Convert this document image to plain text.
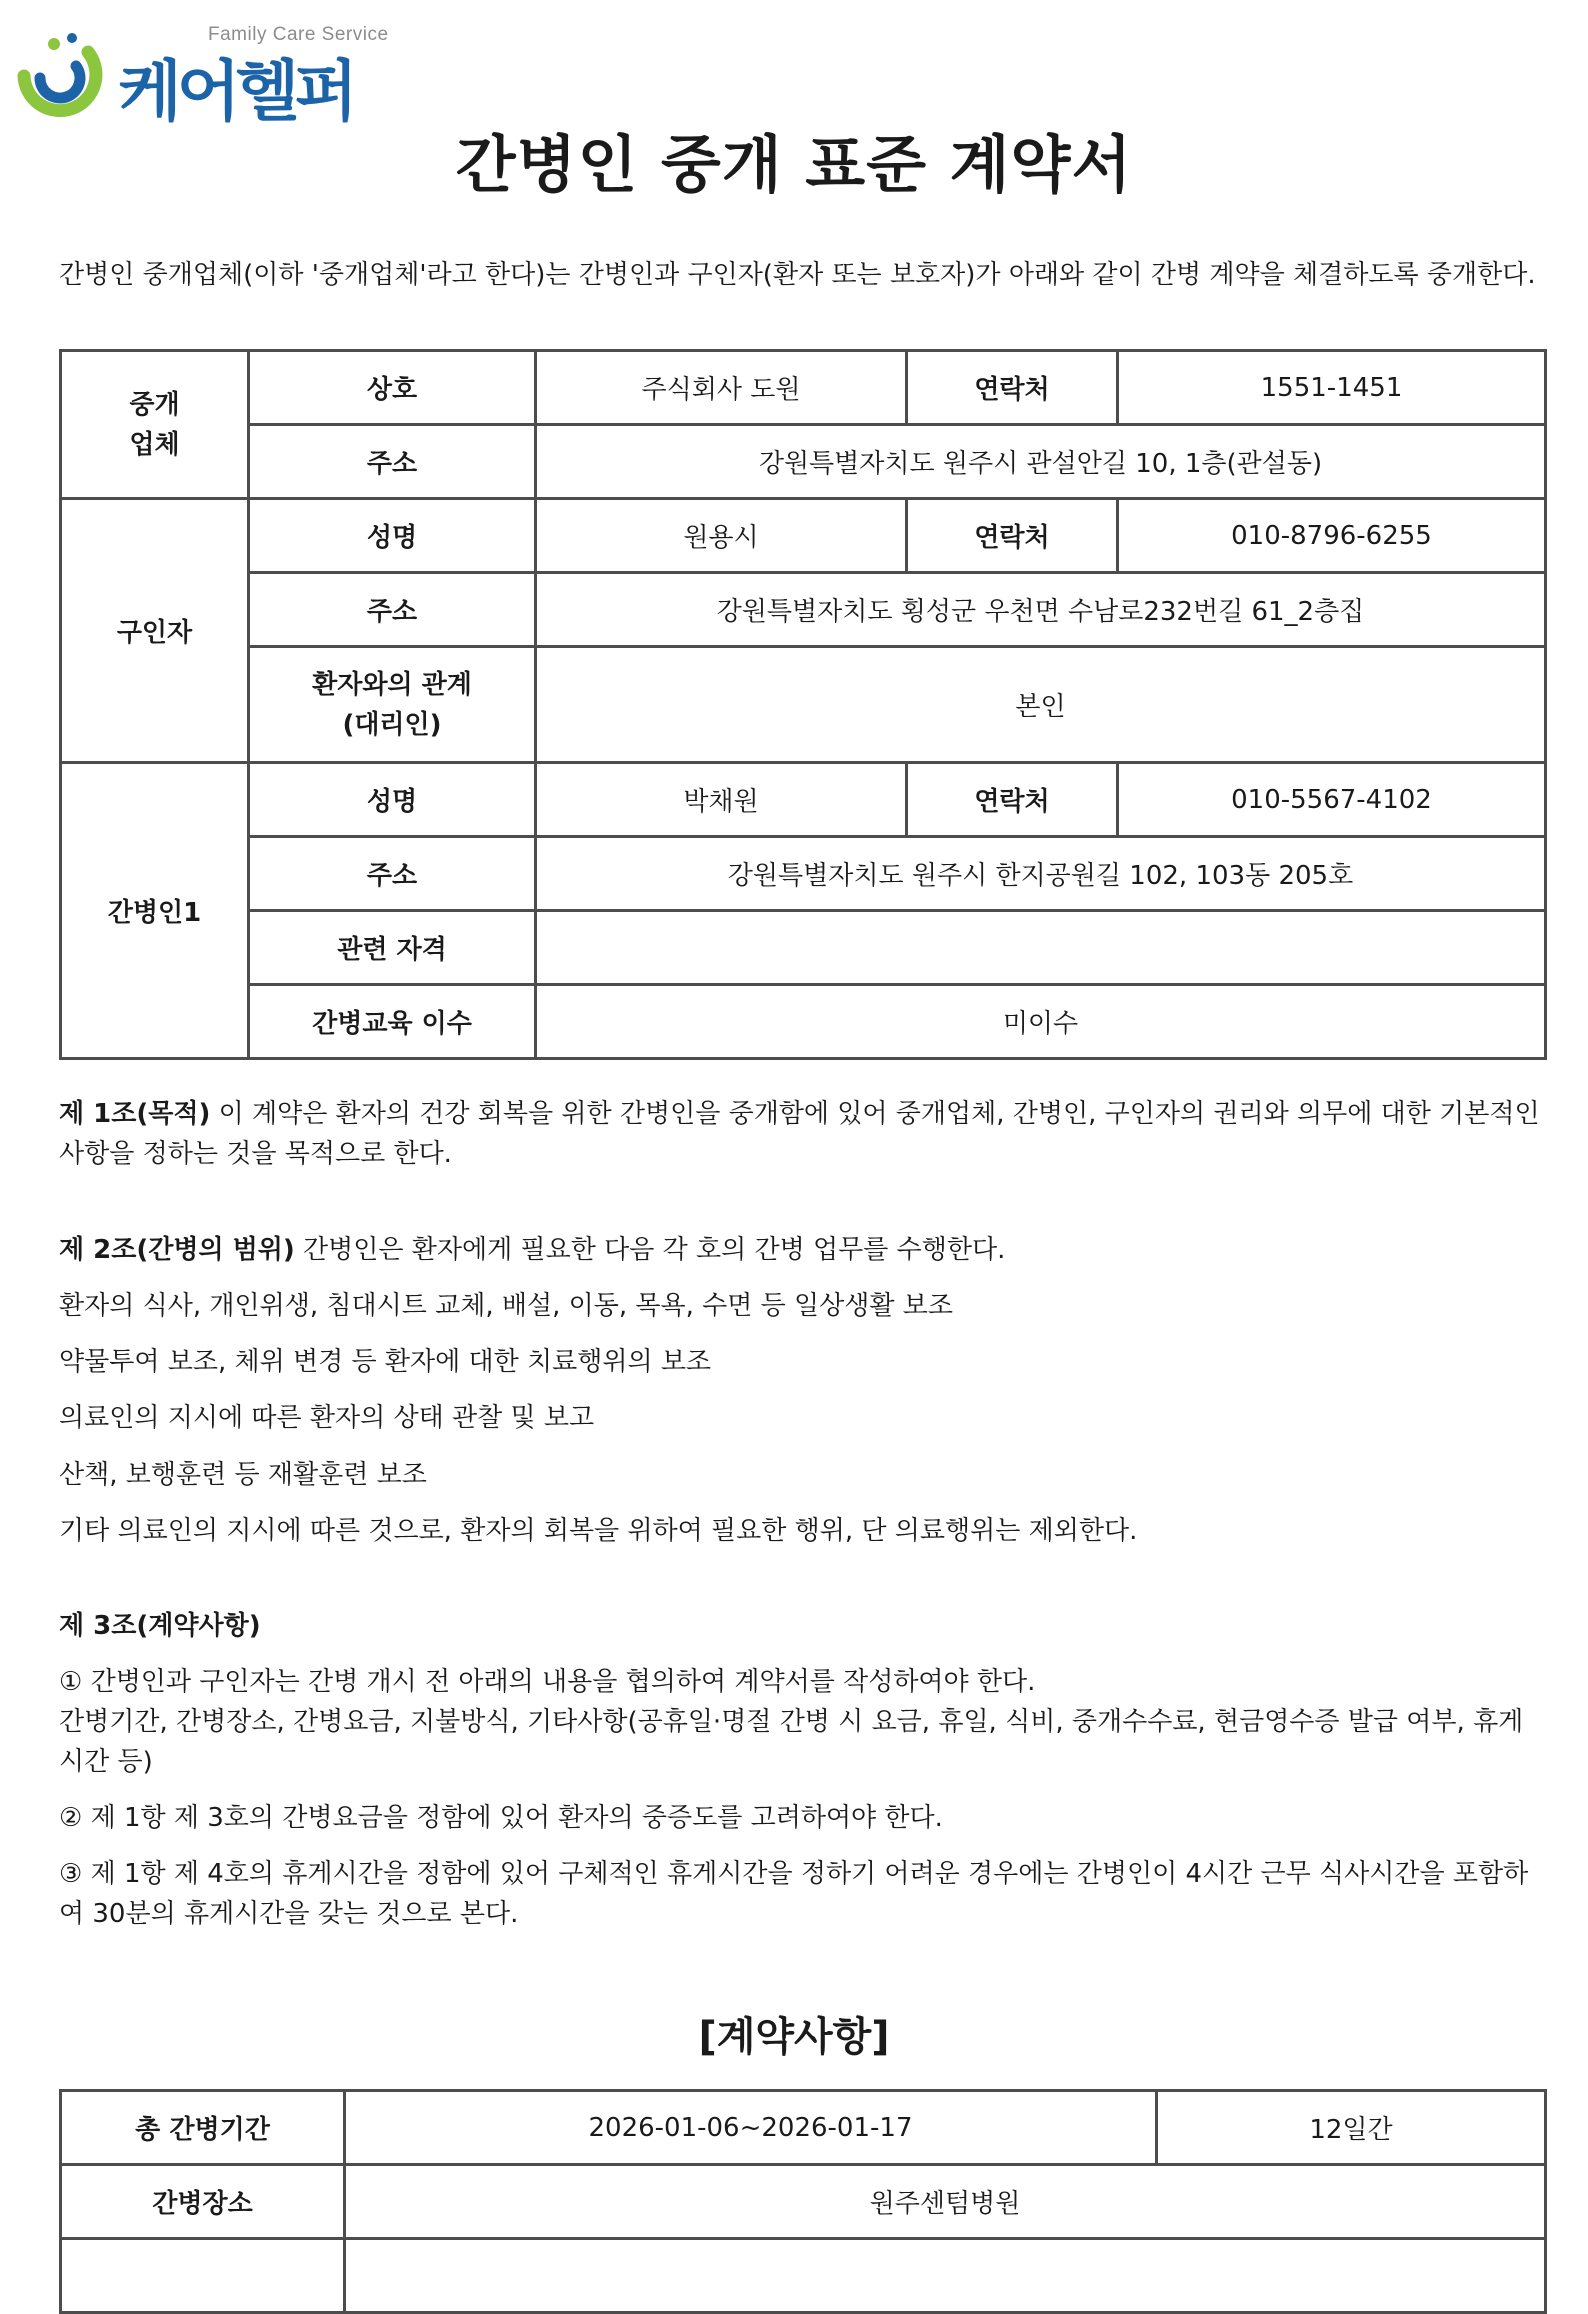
Family Care Service
케어헬퍼
간병인 중개 표준 계약서
간병인 중개업체(이하 '중개업체'라고 한다)는 간병인과 구인자(환자 또는 보호자)가 아래와 같이 간병 계약을 체결하도록 중개한다.
중개
업체	상호	주식회사 도원	연락처	1551-1451
	주소	강원특별자치도 원주시 관설안길 10, 1층(관설동)		
구인자	성명	원용시	연락처	010-8796-6255
	주소	강원특별자치도 횡성군 우천면 수남로232번길 61_2층집		
	환자와의 관계
(대리인)	본인		
간병인1	성명	박채원	연락처	010-5567-4102
	주소	강원특별자치도 원주시 한지공원길 102, 103동 205호		
	관련 자격			
	간병교육 이수	미이수		
제 1조(목적) 이 계약은 환자의 건강 회복을 위한 간병인을 중개함에 있어 중개업체, 간병인, 구인자의 권리와 의무에 대한 기본적인 사항을 정하는 것을 목적으로 한다.
제 2조(간병의 범위) 간병인은 환자에게 필요한 다음 각 호의 간병 업무를 수행한다.
환자의 식사, 개인위생, 침대시트 교체, 배설, 이동, 목욕, 수면 등 일상생활 보조
약물투여 보조, 체위 변경 등 환자에 대한 치료행위의 보조
의료인의 지시에 따른 환자의 상태 관찰 및 보고
산책, 보행훈련 등 재활훈련 보조
기타 의료인의 지시에 따른 것으로, 환자의 회복을 위하여 필요한 행위, 단 의료행위는 제외한다.
제 3조(계약사항)
① 간병인과 구인자는 간병 개시 전 아래의 내용을 협의하여 계약서를 작성하여야 한다.
간병기간, 간병장소, 간병요금, 지불방식, 기타사항(공휴일·명절 간병 시 요금, 휴일, 식비, 중개수수료, 현금영수증 발급 여부, 휴게시간 등)
② 제 1항 제 3호의 간병요금을 정함에 있어 환자의 중증도를 고려하여야 한다.
③ 제 1항 제 4호의 휴게시간을 정함에 있어 구체적인 휴게시간을 정하기 어려운 경우에는 간병인이 4시간 근무 식사시간을 포함하여 30분의 휴게시간을 갖는 것으로 본다.
[계약사항]
총 간병기간	2026-01-06~2026-01-17	12일간
간병장소	원주센텀병원	
